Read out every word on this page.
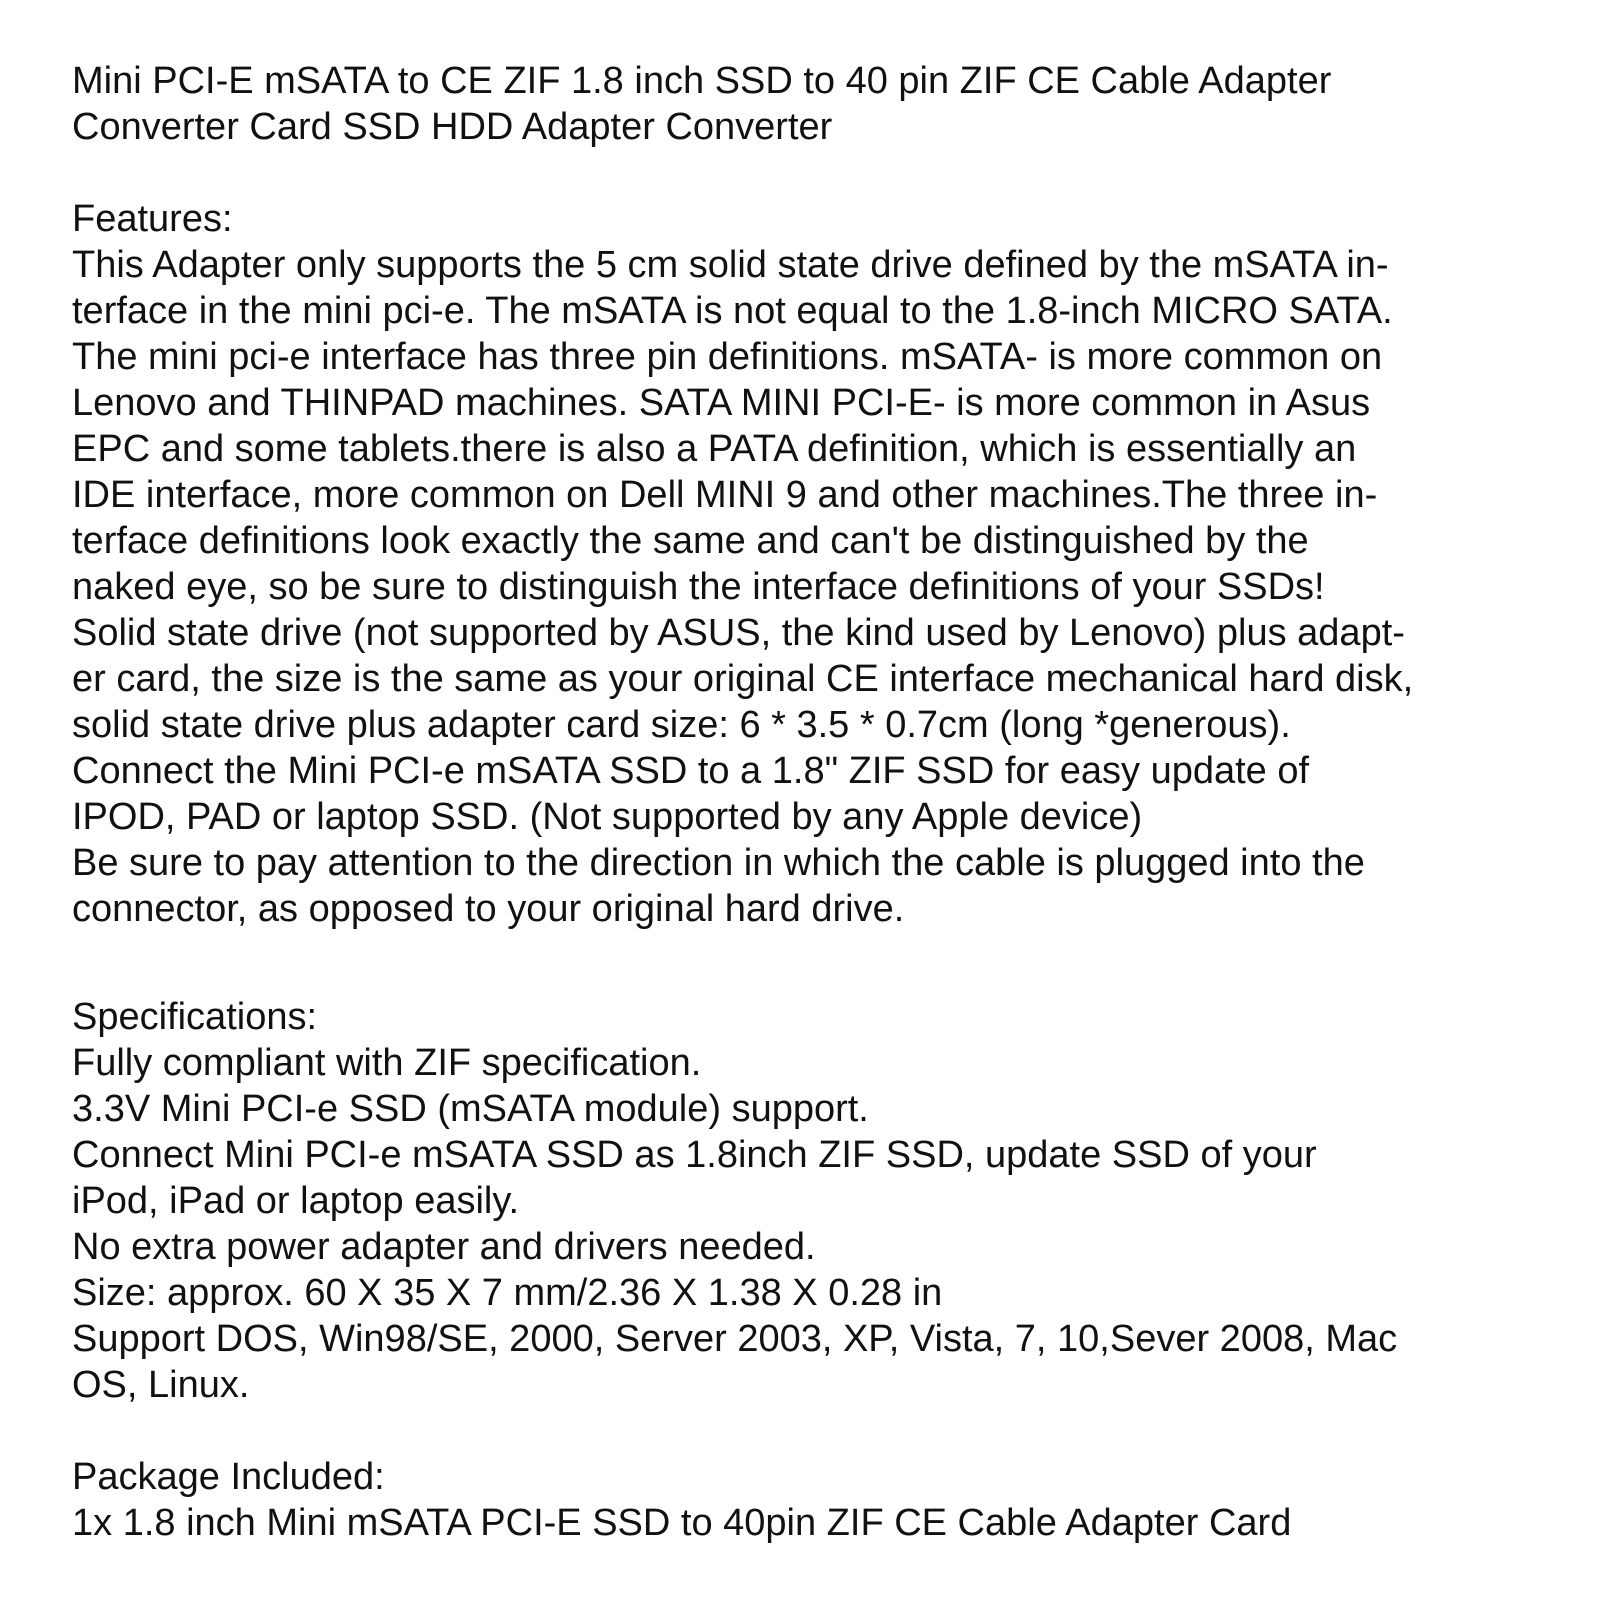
Mini PCI-E mSATA to CE ZIF 1.8 inch SSD to 40 pin ZIF CE Cable Adapter
Converter Card SSD HDD Adapter Converter
Features:
This Adapter only supports the 5 cm solid state drive defined by the mSATA in-
terface in the mini pci-e. The mSATA is not equal to the 1.8-inch MICRO SATA.
The mini pci-e interface has three pin definitions. mSATA- is more common on
Lenovo and THINPAD machines. SATA MINI PCI-E- is more common in Asus
EPC and some tablets.there is also a PATA definition, which is essentially an
IDE interface, more common on Dell MINI 9 and other machines.The three in-
terface definitions look exactly the same and can't be distinguished by the
naked eye, so be sure to distinguish the interface definitions of your SSDs!
Solid state drive (not supported by ASUS, the kind used by Lenovo) plus adapt-
er card, the size is the same as your original CE interface mechanical hard disk,
solid state drive plus adapter card size: 6 * 3.5 * 0.7cm (long *generous).
Connect the Mini PCI-e mSATA SSD to a 1.8" ZIF SSD for easy update of
IPOD, PAD or laptop SSD. (Not supported by any Apple device)
Be sure to pay attention to the direction in which the cable is plugged into the
connector, as opposed to your original hard drive.
Specifications:
Fully compliant with ZIF specification.
3.3V Mini PCI-e SSD (mSATA module) support.
Connect Mini PCI-e mSATA SSD as 1.8inch ZIF SSD, update SSD of your
iPod, iPad or laptop easily.
No extra power adapter and drivers needed.
Size: approx. 60 X 35 X 7 mm/2.36 X 1.38 X 0.28 in
Support DOS, Win98/SE, 2000, Server 2003, XP, Vista, 7, 10,Sever 2008, Mac
OS, Linux.
Package Included:
1x 1.8 inch Mini mSATA PCI-E SSD to 40pin ZIF CE Cable Adapter Card
